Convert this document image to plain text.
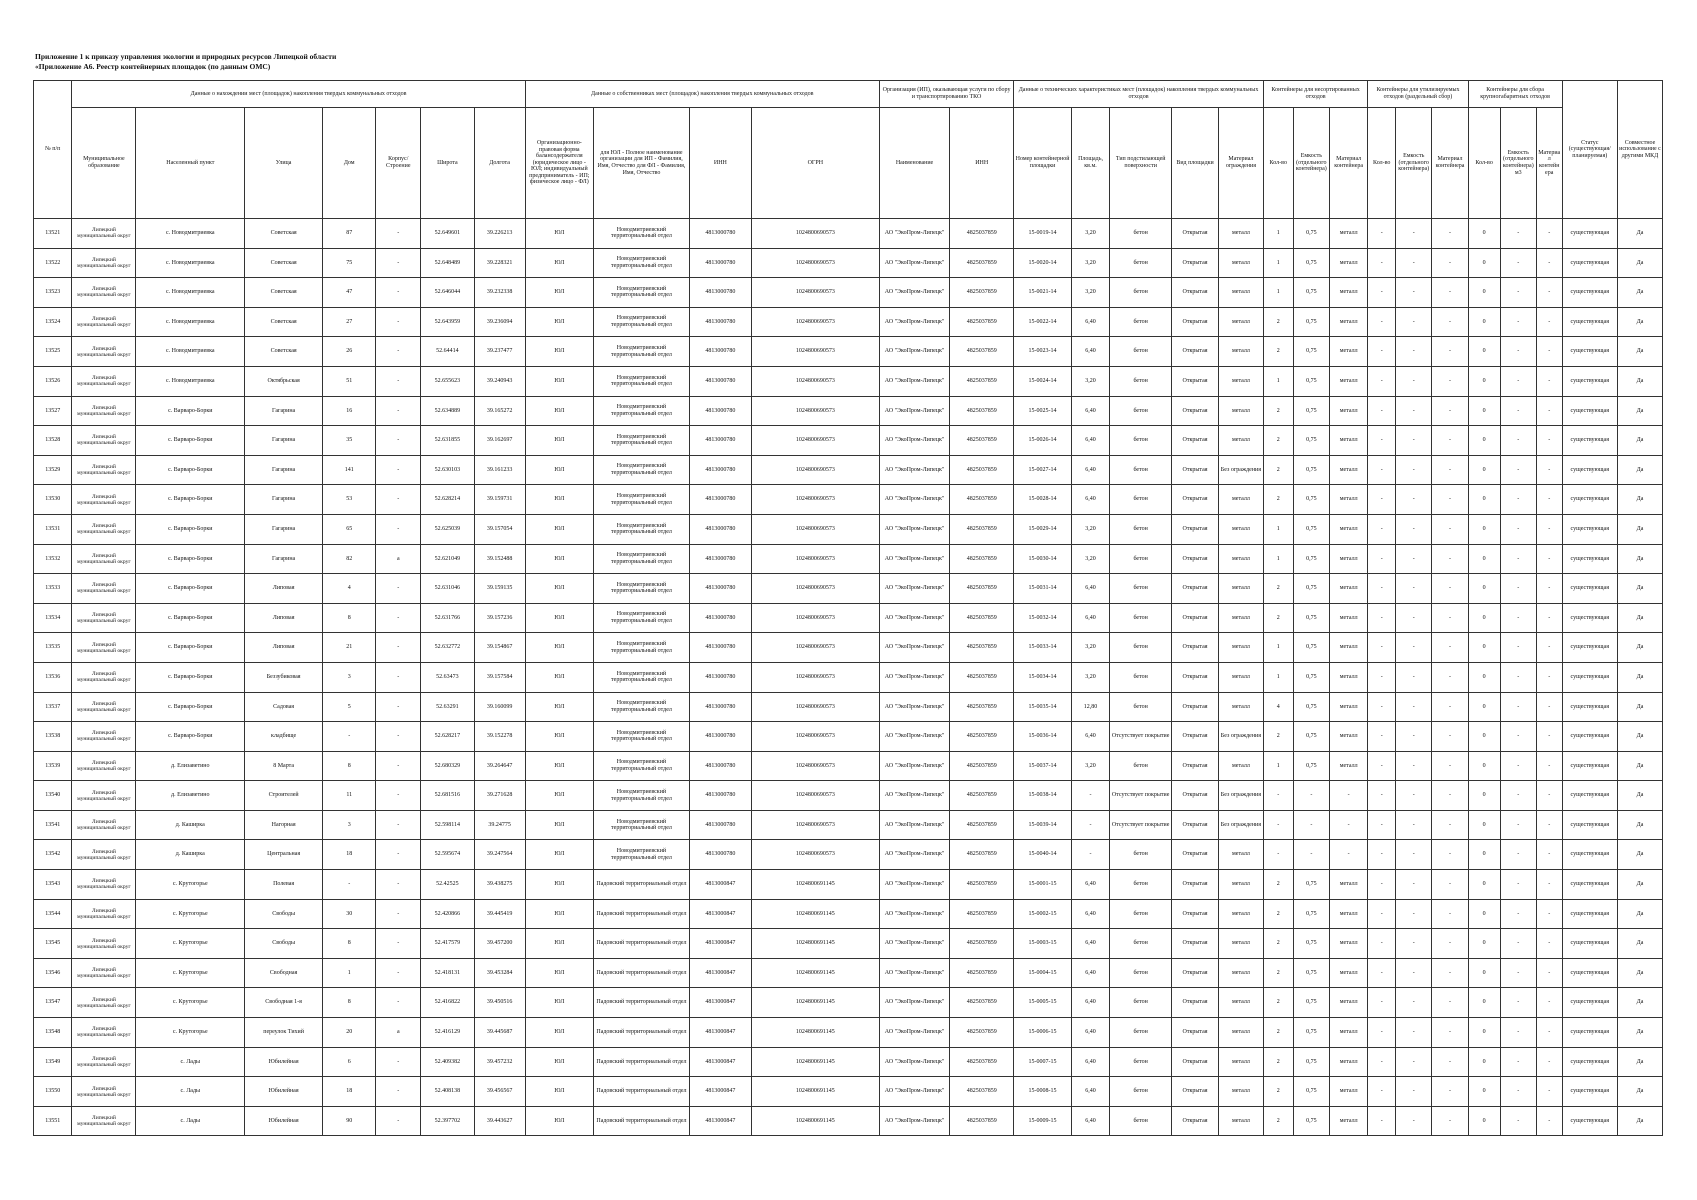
Приложение 1 к приказу управления экологии и природных ресурсов Липецкой области
«Приложение А6. Реестр контейнерных площадок (по данным ОМС)
№ п/п	Данные о нахождении мест (площадок) накопления твердых коммунальных отходов							Данные о собственниках мест (площадок) накопления твердых коммунальных отходов				Организация (ИП), оказывающая услуги по сбору и транспортированию ТКО		Данные о технических характеристиках мест (площадок) накопления твердых коммунальных отходов					Контейнеры для несортированных отходов			Контейнеры для утилизируемых отходов (раздельный сбор)			Контейнеры для сбора крупногабаритных отходов			Статус (существующая/планируемая)	Совместное использование с другими МКД
	Муниципальное образование	Населенный пункт	Улица	Дом	Корпус/Строение	Широта	Долгота	Организационно-правовая форма балансодержателя (юридическое лицо - ЮЛ; индивидуальный предприниматель - ИП; физическое лицо - ФЛ)	для ЮЛ - Полное наименование организации для ИП - Фамилия, Имя, Отчество для ФЛ - Фамилия, Имя, Отчество	ИНН	ОГРН	Наименование	ИНН	Номер контейнерной площадки	Площадь, кв.м.	Тип подстилающей поверхности	Вид площадки	Материал ограждения	Кол-во	Емкость (отдельного контейнера)	Материал контейнера	Кол-во	Емкость (отдельного контейнера)	Материал контейнера	Кол-во	Емкость (отдельного контейнера) м3	Материал контейнера		
13521	Липецкий муниципальный округ	с. Новодмитриевка	Советская	87	-	52.649601	39.226213	ЮЛ	Новодмитриевский территориальный отдел	4813000780	1024800690573	АО "ЭкоПром-Липецк"	4825037859	15-0019-14	3,20	бетон	Открытая	металл	1	0,75	металл	-	-	-	0	-	-	существующая	Да
13522	Липецкий муниципальный округ	с. Новодмитриевка	Советская	75	-	52.648489	39.228321	ЮЛ	Новодмитриевский территориальный отдел	4813000780	1024800690573	АО "ЭкоПром-Липецк"	4825037859	15-0020-14	3,20	бетон	Открытая	металл	1	0,75	металл	-	-	-	0	-	-	существующая	Да
13523	Липецкий муниципальный округ	с. Новодмитриевка	Советская	47	-	52.646044	39.232338	ЮЛ	Новодмитриевский территориальный отдел	4813000780	1024800690573	АО "ЭкоПром-Липецк"	4825037859	15-0021-14	3,20	бетон	Открытая	металл	1	0,75	металл	-	-	-	0	-	-	существующая	Да
13524	Липецкий муниципальный округ	с. Новодмитриевка	Советская	27	-	52.643959	39.236094	ЮЛ	Новодмитриевский территориальный отдел	4813000780	1024800690573	АО "ЭкоПром-Липецк"	4825037859	15-0022-14	6,40	бетон	Открытая	металл	2	0,75	металл	-	-	-	0	-	-	существующая	Да
13525	Липецкий муниципальный округ	с. Новодмитриевка	Советская	26	-	52.64414	39.237477	ЮЛ	Новодмитриевский территориальный отдел	4813000780	1024800690573	АО "ЭкоПром-Липецк"	4825037859	15-0023-14	6,40	бетон	Открытая	металл	2	0,75	металл	-	-	-	0	-	-	существующая	Да
13526	Липецкий муниципальный округ	с. Новодмитриевка	Октябрьская	51	-	52.655623	39.240943	ЮЛ	Новодмитриевский территориальный отдел	4813000780	1024800690573	АО "ЭкоПром-Липецк"	4825037859	15-0024-14	3,20	бетон	Открытая	металл	1	0,75	металл	-	-	-	0	-	-	существующая	Да
13527	Липецкий муниципальный округ	с. Варваро-Борки	Гагарина	16	-	52.634889	39.165272	ЮЛ	Новодмитриевский территориальный отдел	4813000780	1024800690573	АО "ЭкоПром-Липецк"	4825037859	15-0025-14	6,40	бетон	Открытая	металл	2	0,75	металл	-	-	-	0	-	-	существующая	Да
13528	Липецкий муниципальный округ	с. Варваро-Борки	Гагарина	35	-	52.631855	39.162697	ЮЛ	Новодмитриевский территориальный отдел	4813000780	1024800690573	АО "ЭкоПром-Липецк"	4825037859	15-0026-14	6,40	бетон	Открытая	металл	2	0,75	металл	-	-	-	0	-	-	существующая	Да
13529	Липецкий муниципальный округ	с. Варваро-Борки	Гагарина	141	-	52.630103	39.161233	ЮЛ	Новодмитриевский территориальный отдел	4813000780	1024800690573	АО "ЭкоПром-Липецк"	4825037859	15-0027-14	6,40	бетон	Открытая	Без ограждения	2	0,75	металл	-	-	-	0	-	-	существующая	Да
13530	Липецкий муниципальный округ	с. Варваро-Борки	Гагарина	53	-	52.628214	39.159731	ЮЛ	Новодмитриевский территориальный отдел	4813000780	1024800690573	АО "ЭкоПром-Липецк"	4825037859	15-0028-14	6,40	бетон	Открытая	металл	2	0,75	металл	-	-	-	0	-	-	существующая	Да
13531	Липецкий муниципальный округ	с. Варваро-Борки	Гагарина	65	-	52.625039	39.157054	ЮЛ	Новодмитриевский территориальный отдел	4813000780	1024800690573	АО "ЭкоПром-Липецк"	4825037859	15-0029-14	3,20	бетон	Открытая	металл	1	0,75	металл	-	-	-	0	-	-	существующая	Да
13532	Липецкий муниципальный округ	с. Варваро-Борки	Гагарина	82	а	52.621049	39.152488	ЮЛ	Новодмитриевский территориальный отдел	4813000780	1024800690573	АО "ЭкоПром-Липецк"	4825037859	15-0030-14	3,20	бетон	Открытая	металл	1	0,75	металл	-	-	-	0	-	-	существующая	Да
13533	Липецкий муниципальный округ	с. Варваро-Борки	Липовая	4	-	52.631046	39.159135	ЮЛ	Новодмитриевский территориальный отдел	4813000780	1024800690573	АО "ЭкоПром-Липецк"	4825037859	15-0031-14	6,40	бетон	Открытая	металл	2	0,75	металл	-	-	-	0	-	-	существующая	Да
13534	Липецкий муниципальный округ	с. Варваро-Борки	Липовая	8	-	52.631766	39.157236	ЮЛ	Новодмитриевский территориальный отдел	4813000780	1024800690573	АО "ЭкоПром-Липецк"	4825037859	15-0032-14	6,40	бетон	Открытая	металл	2	0,75	металл	-	-	-	0	-	-	существующая	Да
13535	Липецкий муниципальный округ	с. Варваро-Борки	Липовая	21	-	52.632772	39.154867	ЮЛ	Новодмитриевский территориальный отдел	4813000780	1024800690573	АО "ЭкоПром-Липецк"	4825037859	15-0033-14	3,20	бетон	Открытая	металл	1	0,75	металл	-	-	-	0	-	-	существующая	Да
13536	Липецкий муниципальный округ	с. Варваро-Борки	Беззубиковая	3	-	52.63473	39.157584	ЮЛ	Новодмитриевский территориальный отдел	4813000780	1024800690573	АО "ЭкоПром-Липецк"	4825037859	15-0034-14	3,20	бетон	Открытая	металл	1	0,75	металл	-	-	-	0	-	-	существующая	Да
13537	Липецкий муниципальный округ	с. Варваро-Борки	Садовая	5	-	52.63291	39.160099	ЮЛ	Новодмитриевский территориальный отдел	4813000780	1024800690573	АО "ЭкоПром-Липецк"	4825037859	15-0035-14	12,80	бетон	Открытая	металл	4	0,75	металл	-	-	-	0	-	-	существующая	Да
13538	Липецкий муниципальный округ	с. Варваро-Борки	кладбище	-	-	52.628217	39.152278	ЮЛ	Новодмитриевский территориальный отдел	4813000780	1024800690573	АО "ЭкоПром-Липецк"	4825037859	15-0036-14	6,40	Отсутствует покрытие	Открытая	Без ограждения	2	0,75	металл	-	-	-	0	-	-	существующая	Да
13539	Липецкий муниципальный округ	д. Елизаветино	8 Марта	8	-	52.680329	39.264647	ЮЛ	Новодмитриевский территориальный отдел	4813000780	1024800690573	АО "ЭкоПром-Липецк"	4825037859	15-0037-14	3,20	бетон	Открытая	металл	1	0,75	металл	-	-	-	0	-	-	существующая	Да
13540	Липецкий муниципальный округ	д. Елизаветино	Строителей	11	-	52.681516	39.271628	ЮЛ	Новодмитриевский территориальный отдел	4813000780	1024800690573	АО "ЭкоПром-Липецк"	4825037859	15-0038-14	-	Отсутствует покрытие	Открытая	Без ограждения	-	-	-	-	-	-	0	-	-	существующая	Да
13541	Липецкий муниципальный округ	д. Каширка	Нагорная	3	-	52.598114	39.24775	ЮЛ	Новодмитриевский территориальный отдел	4813000780	1024800690573	АО "ЭкоПром-Липецк"	4825037859	15-0039-14	-	Отсутствует покрытие	Открытая	Без ограждения	-	-	-	-	-	-	0	-	-	существующая	Да
13542	Липецкий муниципальный округ	д. Каширка	Центральная	18	-	52.595674	39.247564	ЮЛ	Новодмитриевский территориальный отдел	4813000780	1024800690573	АО "ЭкоПром-Липецк"	4825037859	15-0040-14	-	бетон	Открытая	металл	-	-	-	-	-	-	0	-	-	существующая	Да
13543	Липецкий муниципальный округ	с. Крутогорье	Полевая	-	-	52.42525	39.438275	ЮЛ	Падовский территориальный отдел	4813000847	1024800691145	АО "ЭкоПром-Липецк"	4825037859	15-0001-15	6,40	бетон	Открытая	металл	2	0,75	металл	-	-	-	0	-	-	существующая	Да
13544	Липецкий муниципальный округ	с. Крутогорье	Свободы	30	-	52.420866	39.445419	ЮЛ	Падовский территориальный отдел	4813000847	1024800691145	АО "ЭкоПром-Липецк"	4825037859	15-0002-15	6,40	бетон	Открытая	металл	2	0,75	металл	-	-	-	0	-	-	существующая	Да
13545	Липецкий муниципальный округ	с. Крутогорье	Свободы	8	-	52.417579	39.457200	ЮЛ	Падовский территориальный отдел	4813000847	1024800691145	АО "ЭкоПром-Липецк"	4825037859	15-0003-15	6,40	бетон	Открытая	металл	2	0,75	металл	-	-	-	0	-	-	существующая	Да
13546	Липецкий муниципальный округ	с. Крутогорье	Свободная	1	-	52.418131	39.453284	ЮЛ	Падовский территориальный отдел	4813000847	1024800691145	АО "ЭкоПром-Липецк"	4825037859	15-0004-15	6,40	бетон	Открытая	металл	2	0,75	металл	-	-	-	0	-	-	существующая	Да
13547	Липецкий муниципальный округ	с. Крутогорье	Свободная 1-я	8	-	52.416822	39.450516	ЮЛ	Падовский территориальный отдел	4813000847	1024800691145	АО "ЭкоПром-Липецк"	4825037859	15-0005-15	6,40	бетон	Открытая	металл	2	0,75	металл	-	-	-	0	-	-	существующая	Да
13548	Липецкий муниципальный округ	с. Крутогорье	переулок Тихий	20	а	52.416129	39.445687	ЮЛ	Падовский территориальный отдел	4813000847	1024800691145	АО "ЭкоПром-Липецк"	4825037859	15-0006-15	6,40	бетон	Открытая	металл	2	0,75	металл	-	-	-	0	-	-	существующая	Да
13549	Липецкий муниципальный округ	с. Лады	Юбилейная	6	-	52.409382	39.457232	ЮЛ	Падовский территориальный отдел	4813000847	1024800691145	АО "ЭкоПром-Липецк"	4825037859	15-0007-15	6,40	бетон	Открытая	металл	2	0,75	металл	-	-	-	0	-	-	существующая	Да
13550	Липецкий муниципальный округ	с. Лады	Юбилейная	18	-	52.408138	39.456567	ЮЛ	Падовский территориальный отдел	4813000847	1024800691145	АО "ЭкоПром-Липецк"	4825037859	15-0008-15	6,40	бетон	Открытая	металл	2	0,75	металл	-	-	-	0	-	-	существующая	Да
13551	Липецкий муниципальный округ	с. Лады	Юбилейная	90	-	52.397702	39.443627	ЮЛ	Падовский территориальный отдел	4813000847	1024800691145	АО "ЭкоПром-Липецк"	4825037859	15-0009-15	6,40	бетон	Открытая	металл	2	0,75	металл	-	-	-	0	-	-	существующая	Да
